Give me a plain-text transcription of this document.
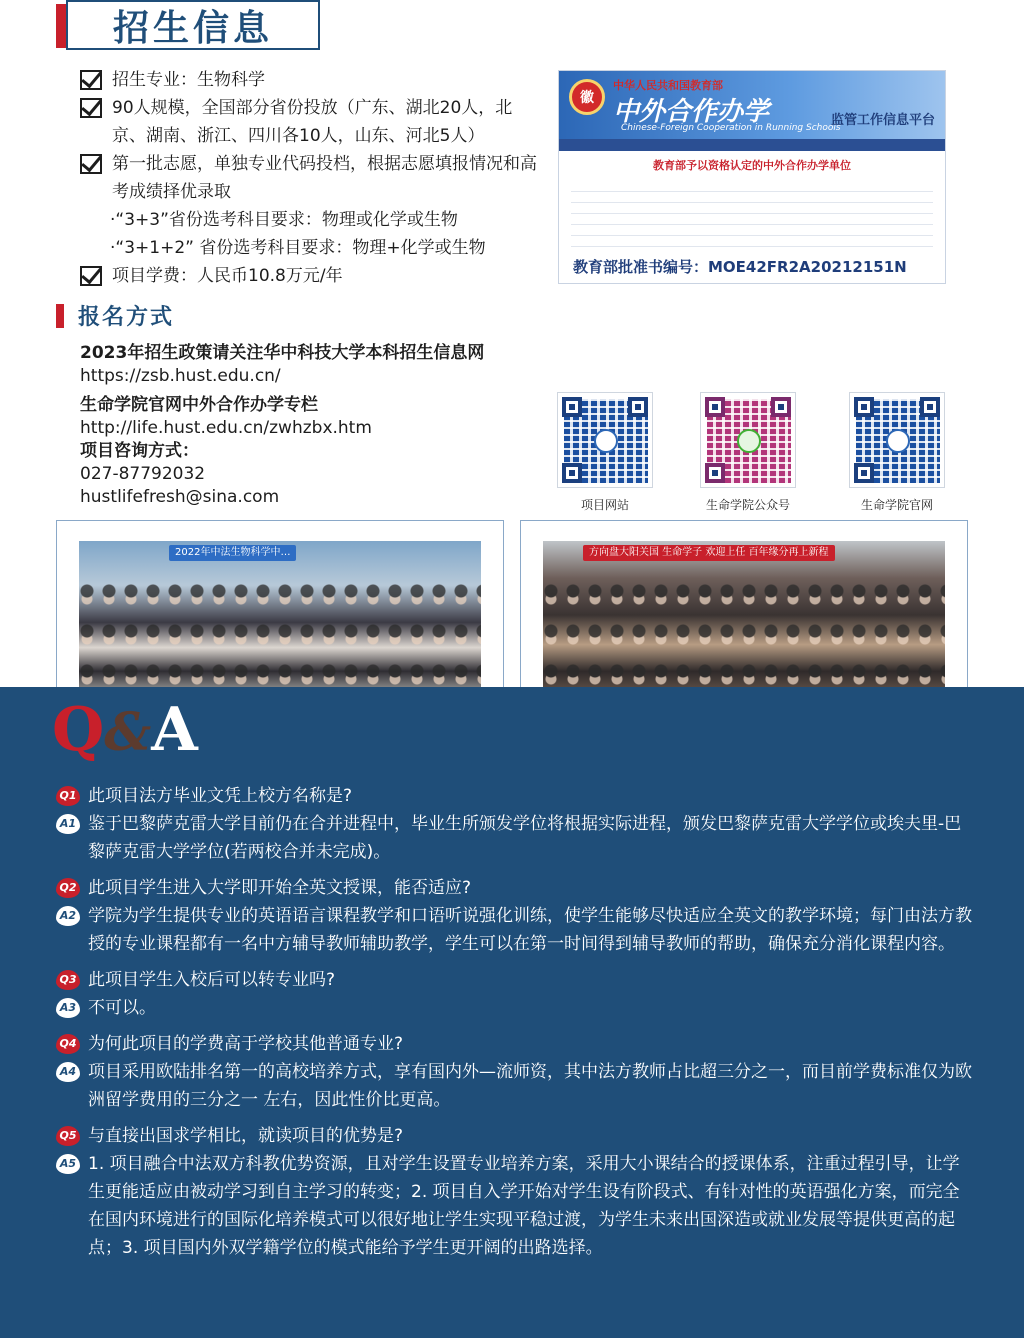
招生信息
招生专业：生物科学
90人规模，全国部分省份投放（广东、湖北20人，北京、湖南、浙江、四川各10人，山东、河北5人）
第一批志愿，单独专业代码投档，根据志愿填报情况和高考成绩择优录取
·“3+3”省份选考科目要求：物理或化学或生物
·“3+1+2” 省份选考科目要求：物理+化学或生物
项目学费：人民币10.8万元/年
徽
中华人民共和国教育部
中外合作办学
Chinese-Foreign Cooperation in Running Schools
监管工作信息平台
教育部予以资格认定的中外合作办学单位
教育部批准书编号：MOE42FR2A20212151N
报名方式
2023年招生政策请关注华中科技大学本科招生信息网
https://zsb.hust.edu.cn/
生命学院官网中外合作办学专栏
http://life.hust.edu.cn/zwhzbx.htm
项目咨询方式：
027-87792032
hustlifefresh@sina.com	项目网站	生命学院公众号	生命学院官网
2022年中法生物科学中…	方向盘大阳关国 生命学子 欢迎上任 百年缘分再上新程
Q&A
Q1 此项目法方毕业文凭上校方名称是?
A1 鉴于巴黎萨克雷大学目前仍在合并进程中，毕业生所颁发学位将根据实际进程，颁发巴黎萨克雷大学学位或埃夫里-巴黎萨克雷大学学位(若两校合并未完成)。
Q2 此项目学生进入大学即开始全英文授课，能否适应?
A2 学院为学生提供专业的英语语言课程教学和口语听说强化训练，使学生能够尽快适应全英文的教学环境；每门由法方教授的专业课程都有一名中方辅导教师辅助教学，学生可以在第一时间得到辅导教师的帮助，确保充分消化课程内容。
Q3 此项目学生入校后可以转专业吗?
A3 不可以。
Q4 为何此项目的学费高于学校其他普通专业?
A4 项目采用欧陆排名第一的高校培养方式，享有国内外—流师资，其中法方教师占比超三分之一，而目前学费标准仅为欧洲留学费用的三分之一 左右，因此性价比更高。
Q5 与直接出国求学相比，就读项目的优势是?
A5 1. 项目融合中法双方科教优势资源，且对学生设置专业培养方案，采用大小课结合的授课体系，注重过程引导，让学生更能适应由被动学习到自主学习的转变；2. 项目自入学开始对学生设有阶段式、有针对性的英语强化方案，而完全在国内环境进行的国际化培养模式可以很好地让学生实现平稳过渡，为学生未来出国深造或就业发展等提供更高的起点；3. 项目国内外双学籍学位的模式能给予学生更开阔的出路选择。
